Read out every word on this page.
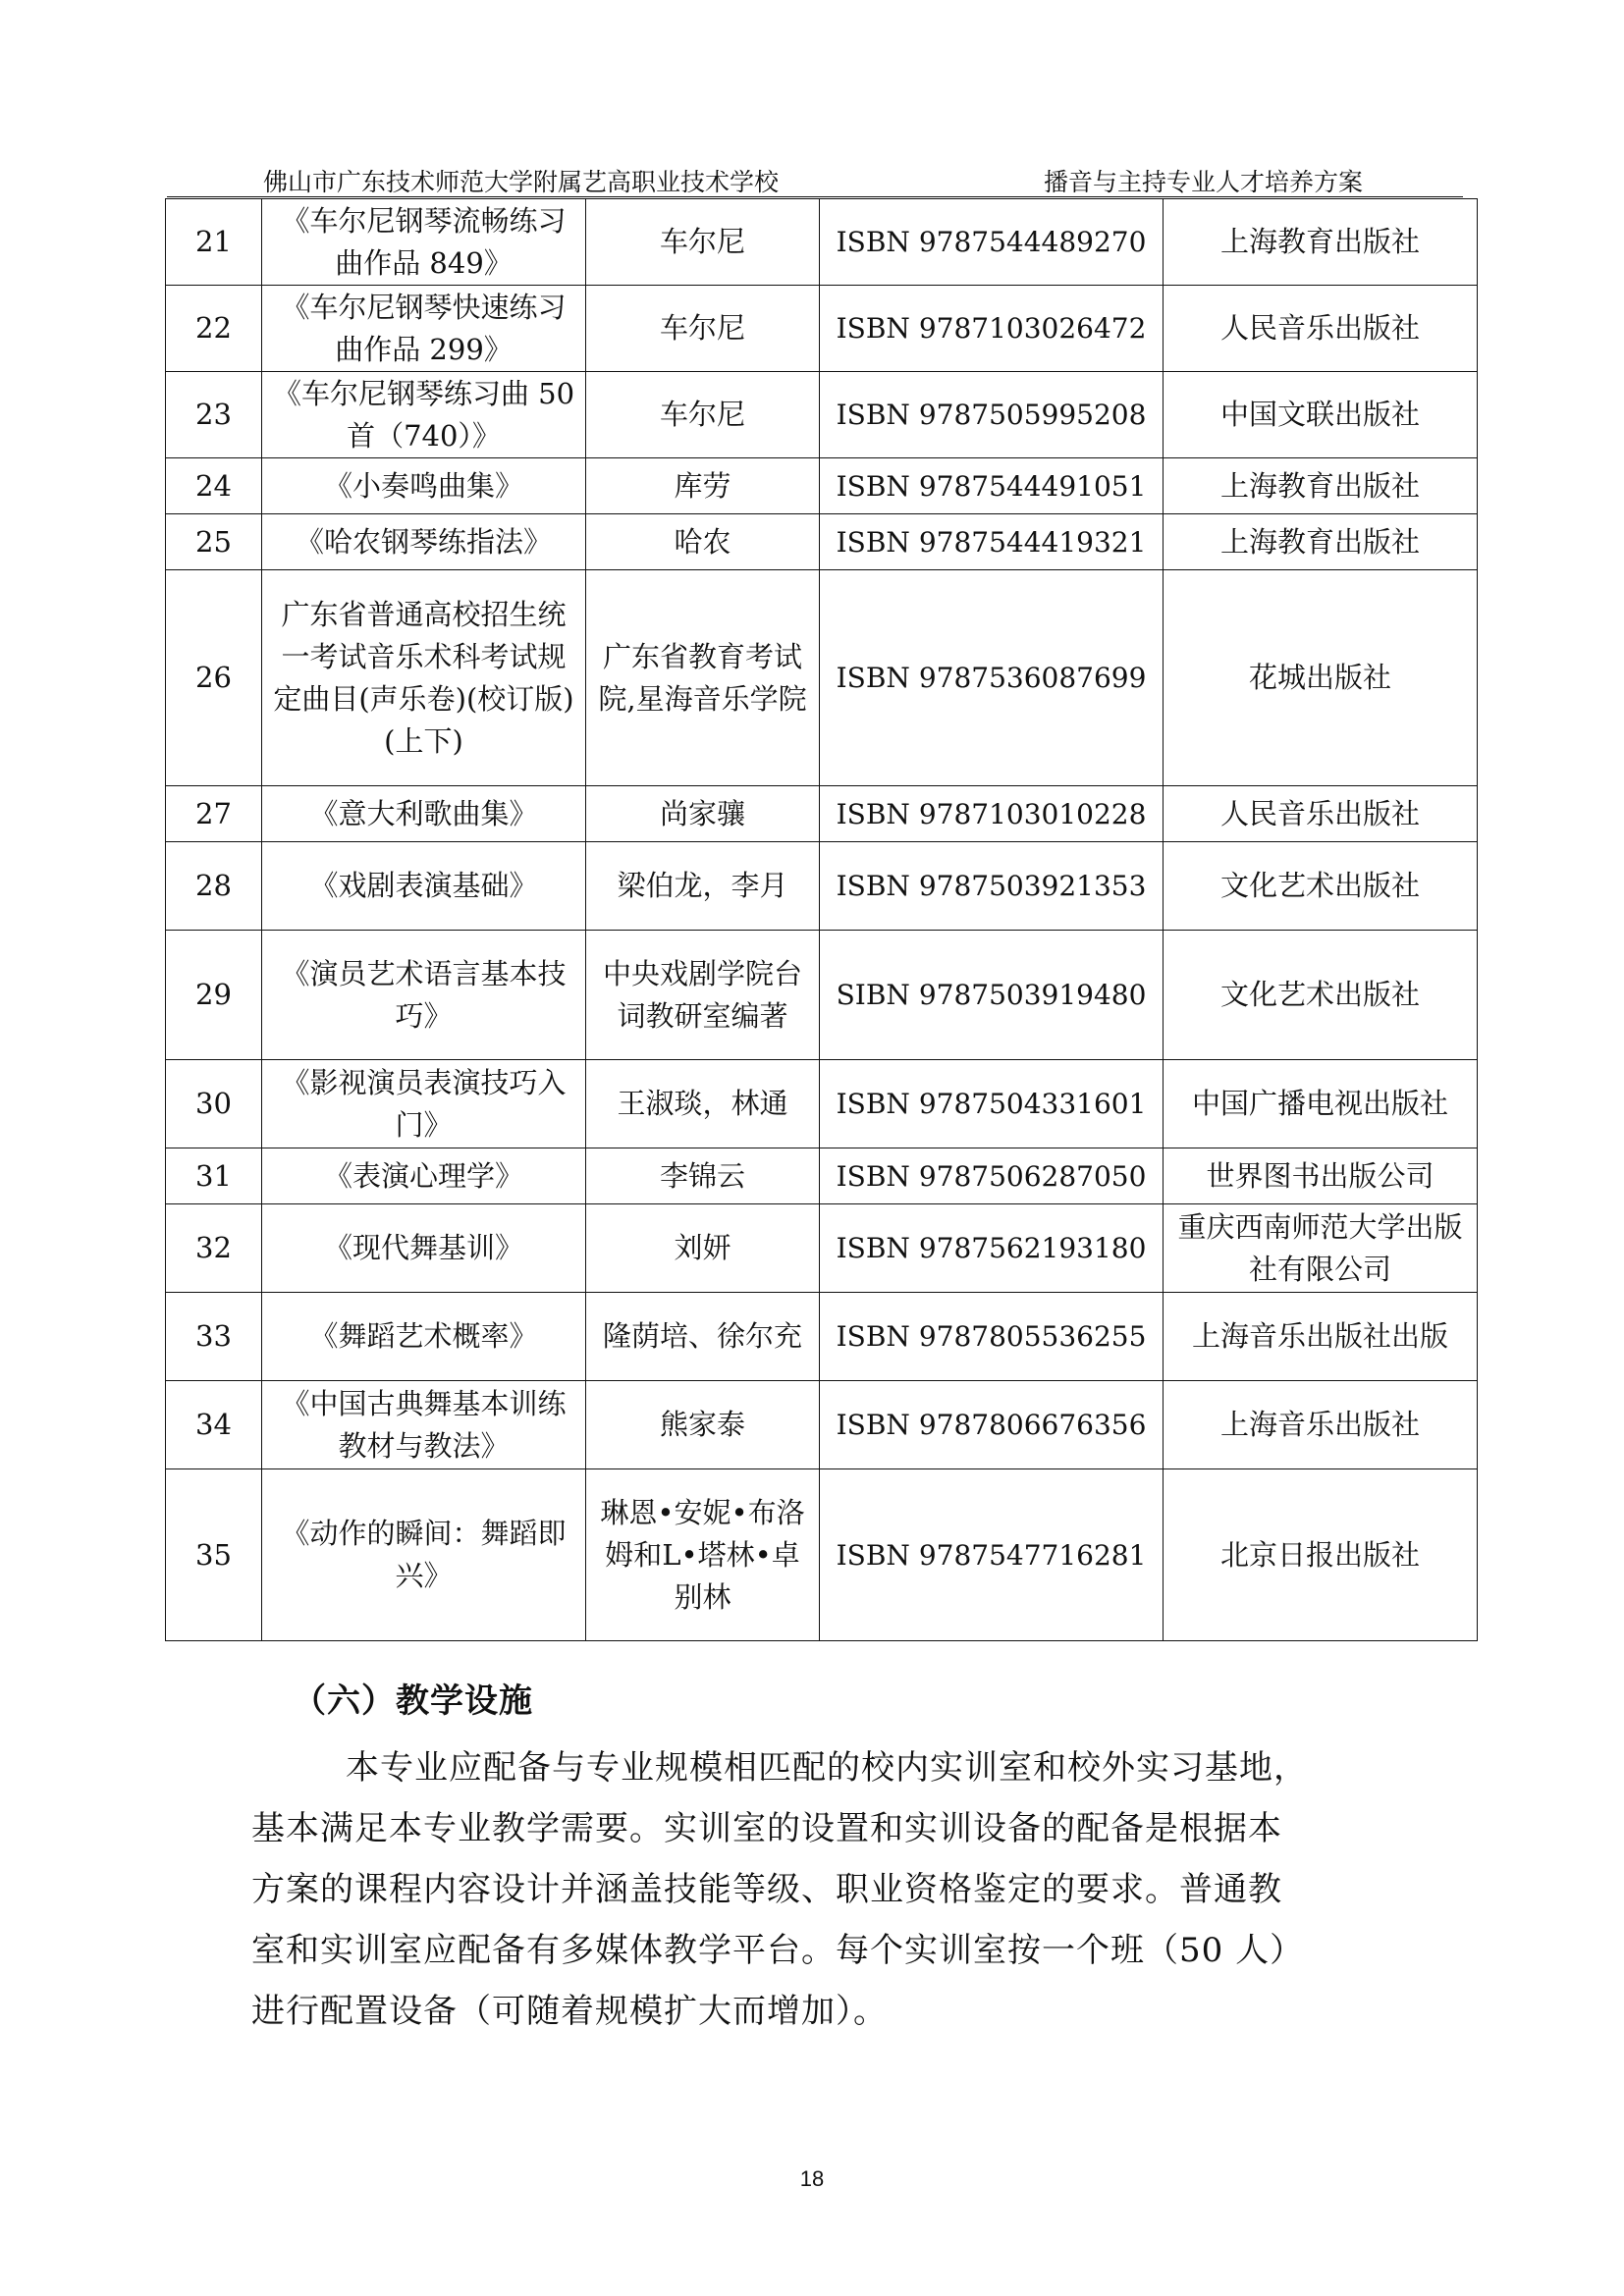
佛山市广东技术师范大学附属艺高职业技术学校	播音与主持专业人才培养方案
21	《车尔尼钢琴流畅练习曲作品 849》	车尔尼	ISBN 9787544489270	上海教育出版社
22	《车尔尼钢琴快速练习曲作品 299》	车尔尼	ISBN 9787103026472	人民音乐出版社
23	《车尔尼钢琴练习曲 50 首（740）》	车尔尼	ISBN 9787505995208	中国文联出版社
24	《小奏鸣曲集》	库劳	ISBN 9787544491051	上海教育出版社
25	《哈农钢琴练指法》	哈农	ISBN 9787544419321	上海教育出版社
26	广东省普通高校招生统一考试音乐术科考试规定曲目(声乐卷)(校订版)(上下)	广东省教育考试院,星海音乐学院	ISBN 9787536087699	花城出版社
27	《意大利歌曲集》	尚家骧	ISBN 9787103010228	人民音乐出版社
28	《戏剧表演基础》	梁伯龙，李月	ISBN 9787503921353	文化艺术出版社
29	《演员艺术语言基本技巧》	中央戏剧学院台词教研室编著	SIBN 9787503919480	文化艺术出版社
30	《影视演员表演技巧入门》	王淑琰，林通	ISBN 9787504331601	中国广播电视出版社
31	《表演心理学》	李锦云	ISBN 9787506287050	世界图书出版公司
32	《现代舞基训》	刘妍	ISBN 9787562193180	重庆西南师范大学出版社有限公司
33	《舞蹈艺术概率》	隆荫培、徐尔充	ISBN 9787805536255	上海音乐出版社出版
34	《中国古典舞基本训练教材与教法》	熊家泰	ISBN 9787806676356	上海音乐出版社
35	《动作的瞬间：舞蹈即兴》	琳恩•安妮•布洛姆和L•塔林•卓别林	ISBN 9787547716281	北京日报出版社
（六）教学设施
本专业应配备与专业规模相匹配的校内实训室和校外实习基地，
基本满足本专业教学需要。实训室的设置和实训设备的配备是根据本
方案的课程内容设计并涵盖技能等级、职业资格鉴定的要求。普通教
室和实训室应配备有多媒体教学平台。每个实训室按一个班（50 人）
进行配置设备（可随着规模扩大而增加）。
18
